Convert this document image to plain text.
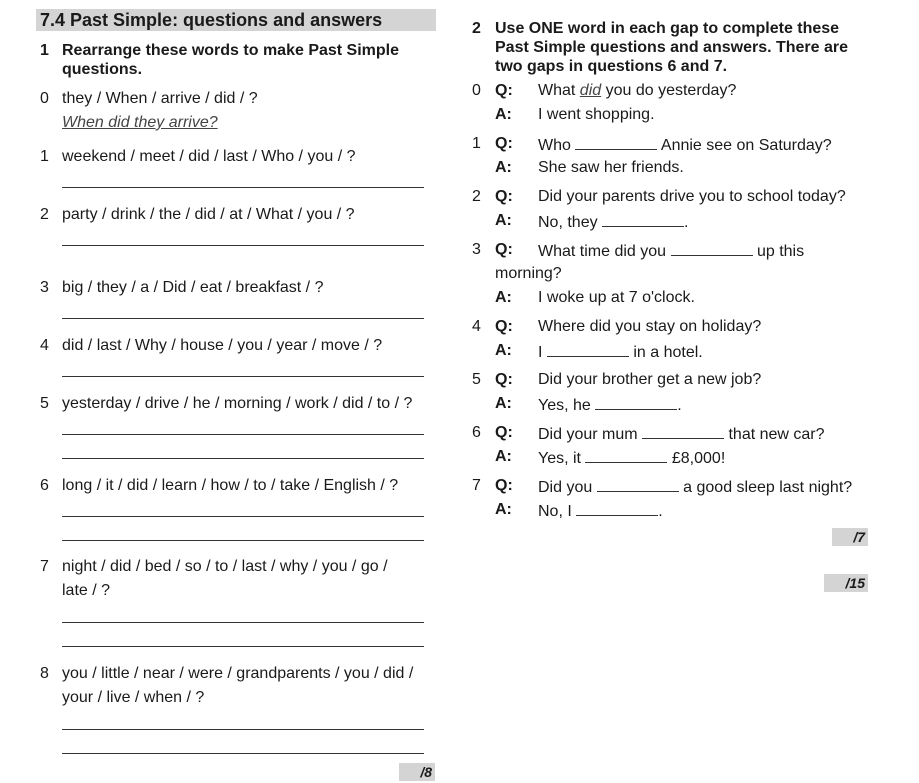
7.4 Past Simple: questions and answers
1 Rearrange these words to make Past Simple
questions.
0 they / When / arrive / did / ?
When did they arrive?
1 weekend / meet / did / last / Who / you / ?
2 party / drink / the / did / at / What / you / ?
3 big / they / a / Did / eat / breakfast / ?
4 did / last / Why / house / you / year / move / ?
5 yesterday / drive / he / morning / work / did / to / ?
6 long / it / did / learn / how / to / take / English / ?
7 night / did / bed / so / to / last / why / you / go /
late / ?
8 you / little / near / were / grandparents / you / did /
your / live / when / ?
/8
2 Use ONE word in each gap to complete these
Past Simple questions and answers. There are
two gaps in questions 6 and 7.
0 Q: What did you do yesterday?
A: I went shopping.
1 Q: Who	Annie see on Saturday?
A: She saw her friends.
2 Q: Did your parents drive you to school today?
A: No, they	.
3 Q: What time did you	up this
morning?
A: I woke up at 7 o'clock.
4 Q: Where did you stay on holiday?
A: I	in a hotel.
5 Q: Did your brother get a new job?
A: Yes, he	.
6 Q: Did your mum	that new car?
A: Yes, it	£8,000!
7 Q: Did you	a good sleep last night?
A: No, I	.
/7
/15
